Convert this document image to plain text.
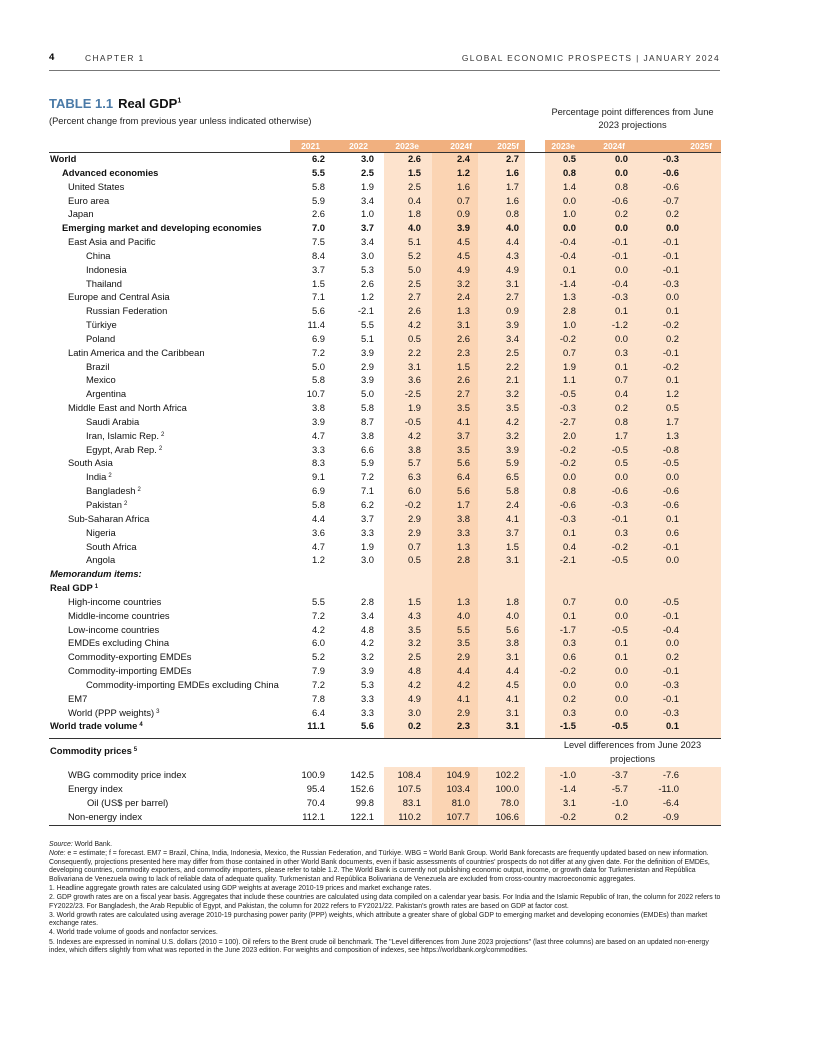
4	CHAPTER 1	GLOBAL ECONOMIC PROSPECTS | JANUARY 2024
TABLE 1.1 Real GDP$^1$
(Percent change from previous year unless indicated otherwise)
Percentage point differences from June 2023 projections
2021	2022	2023e	2024f	2025f	2023e	2024f	2025f
World	6.2	3.0	2.6	2.4	2.7	0.5	0.0	-0.3
Advanced economies	5.5	2.5	1.5	1.2	1.6	0.8	0.0	-0.6
United States	5.8	1.9	2.5	1.6	1.7	1.4	0.8	-0.6
Euro area	5.9	3.4	0.4	0.7	1.6	0.0	-0.6	-0.7
Japan	2.6	1.0	1.8	0.9	0.8	1.0	0.2	0.2
Emerging market and developing economies	7.0	3.7	4.0	3.9	4.0	0.0	0.0	0.0
East Asia and Pacific	7.5	3.4	5.1	4.5	4.4	-0.4	-0.1	-0.1
China	8.4	3.0	5.2	4.5	4.3	-0.4	-0.1	-0.1
Indonesia	3.7	5.3	5.0	4.9	4.9	0.1	0.0	-0.1
Thailand	1.5	2.6	2.5	3.2	3.1	-1.4	-0.4	-0.3
Europe and Central Asia	7.1	1.2	2.7	2.4	2.7	1.3	-0.3	0.0
Russian Federation	5.6	-2.1	2.6	1.3	0.9	2.8	0.1	0.1
Türkiye	11.4	5.5	4.2	3.1	3.9	1.0	-1.2	-0.2
Poland	6.9	5.1	0.5	2.6	3.4	-0.2	0.0	0.2
Latin America and the Caribbean	7.2	3.9	2.2	2.3	2.5	0.7	0.3	-0.1
Brazil	5.0	2.9	3.1	1.5	2.2	1.9	0.1	-0.2
Mexico	5.8	3.9	3.6	2.6	2.1	1.1	0.7	0.1
Argentina	10.7	5.0	-2.5	2.7	3.2	-0.5	0.4	1.2
Middle East and North Africa	3.8	5.8	1.9	3.5	3.5	-0.3	0.2	0.5
Saudi Arabia	3.9	8.7	-0.5	4.1	4.2	-2.7	0.8	1.7
Iran, Islamic Rep. $^2$	4.7	3.8	4.2	3.7	3.2	2.0	1.7	1.3
Egypt, Arab Rep. $^2$	3.3	6.6	3.8	3.5	3.9	-0.2	-0.5	-0.8
South Asia	8.3	5.9	5.7	5.6	5.9	-0.2	0.5	-0.5
India $^2$	9.1	7.2	6.3	6.4	6.5	0.0	0.0	0.0
Bangladesh $^2$	6.9	7.1	6.0	5.6	5.8	0.8	-0.6	-0.6
Pakistan $^2$	5.8	6.2	-0.2	1.7	2.4	-0.6	-0.3	-0.6
Sub-Saharan Africa	4.4	3.7	2.9	3.8	4.1	-0.3	-0.1	0.1
Nigeria	3.6	3.3	2.9	3.3	3.7	0.1	0.3	0.6
South Africa	4.7	1.9	0.7	1.3	1.5	0.4	-0.2	-0.1
Angola	1.2	3.0	0.5	2.8	3.1	-2.1	-0.5	0.0
Memorandum items:
Real GDP $^1$
High-income countries	5.5	2.8	1.5	1.3	1.8	0.7	0.0	-0.5
Middle-income countries	7.2	3.4	4.3	4.0	4.0	0.1	0.0	-0.1
Low-income countries	4.2	4.8	3.5	5.5	5.6	-1.7	-0.5	-0.4
EMDEs excluding China	6.0	4.2	3.2	3.5	3.8	0.3	0.1	0.0
Commodity-exporting EMDEs	5.2	3.2	2.5	2.9	3.1	0.6	0.1	0.2
Commodity-importing EMDEs	7.9	3.9	4.8	4.4	4.4	-0.2	0.0	-0.1
Commodity-importing EMDEs excluding China	7.2	5.3	4.2	4.2	4.5	0.0	0.0	-0.3
EM7	7.8	3.3	4.9	4.1	4.1	0.2	0.0	-0.1
World (PPP weights) $^3$	6.4	3.3	3.0	2.9	3.1	0.3	0.0	-0.3
World trade volume $^4$	11.1	5.6	0.2	2.3	3.1	-1.5	-0.5	0.1
Level differences from June 2023 projections
Commodity prices $^5$
WBG commodity price index	100.9	142.5	108.4	104.9	102.2	-1.0	-3.7	-7.6
Energy index	95.4	152.6	107.5	103.4	100.0	-1.4	-5.7	-11.0
Oil (US$ per barrel)	70.4	99.8	83.1	81.0	78.0	3.1	-1.0	-6.4
Non-energy index	112.1	122.1	110.2	107.7	106.6	-0.2	0.2	-0.9

Source: World Bank.

Note: e = estimate; f = forecast. EM7 = Brazil, China, India, Indonesia, Mexico, the Russian Federation, and Türkiye. WBG = World Bank Group. World Bank forecasts are frequently updated based on new information. Consequently, projections presented here may differ from those contained in other World Bank documents, even if basic assessments of countries' prospects do not differ at any given date. For the definition of EMDEs, developing countries, commodity exporters, and commodity importers, please refer to table 1.2. The World Bank is currently not publishing economic output, income, or growth data for Turkmenistan and República Bolivariana de Venezuela owing to lack of reliable data of adequate quality. Turkmenistan and República Bolivariana de Venezuela are excluded from cross-country macroeconomic aggregates.

1. Headline aggregate growth rates are calculated using GDP weights at average 2010-19 prices and market exchange rates.

2. GDP growth rates are on a fiscal year basis. Aggregates that include these countries are calculated using data compiled on a calendar year basis. For India and the Islamic Republic of Iran, the column for 2022 refers to FY2022/23. For Bangladesh, the Arab Republic of Egypt, and Pakistan, the column for 2022 refers to FY2021/22. Pakistan's growth rates are based on GDP at factor cost.

3. World growth rates are calculated using average 2010-19 purchasing power parity (PPP) weights, which attribute a greater share of global GDP to emerging market and developing economies (EMDEs) than market exchange rates.

4. World trade volume of goods and nonfactor services.

5. Indexes are expressed in nominal U.S. dollars (2010 = 100). Oil refers to the Brent crude oil benchmark. The "Level differences from June 2023 projections" (last three columns) are based on an updated non-energy index, which differs slightly from what was reported in the June 2023 edition. For weights and composition of indexes, see https://worldbank.org/commodities.
